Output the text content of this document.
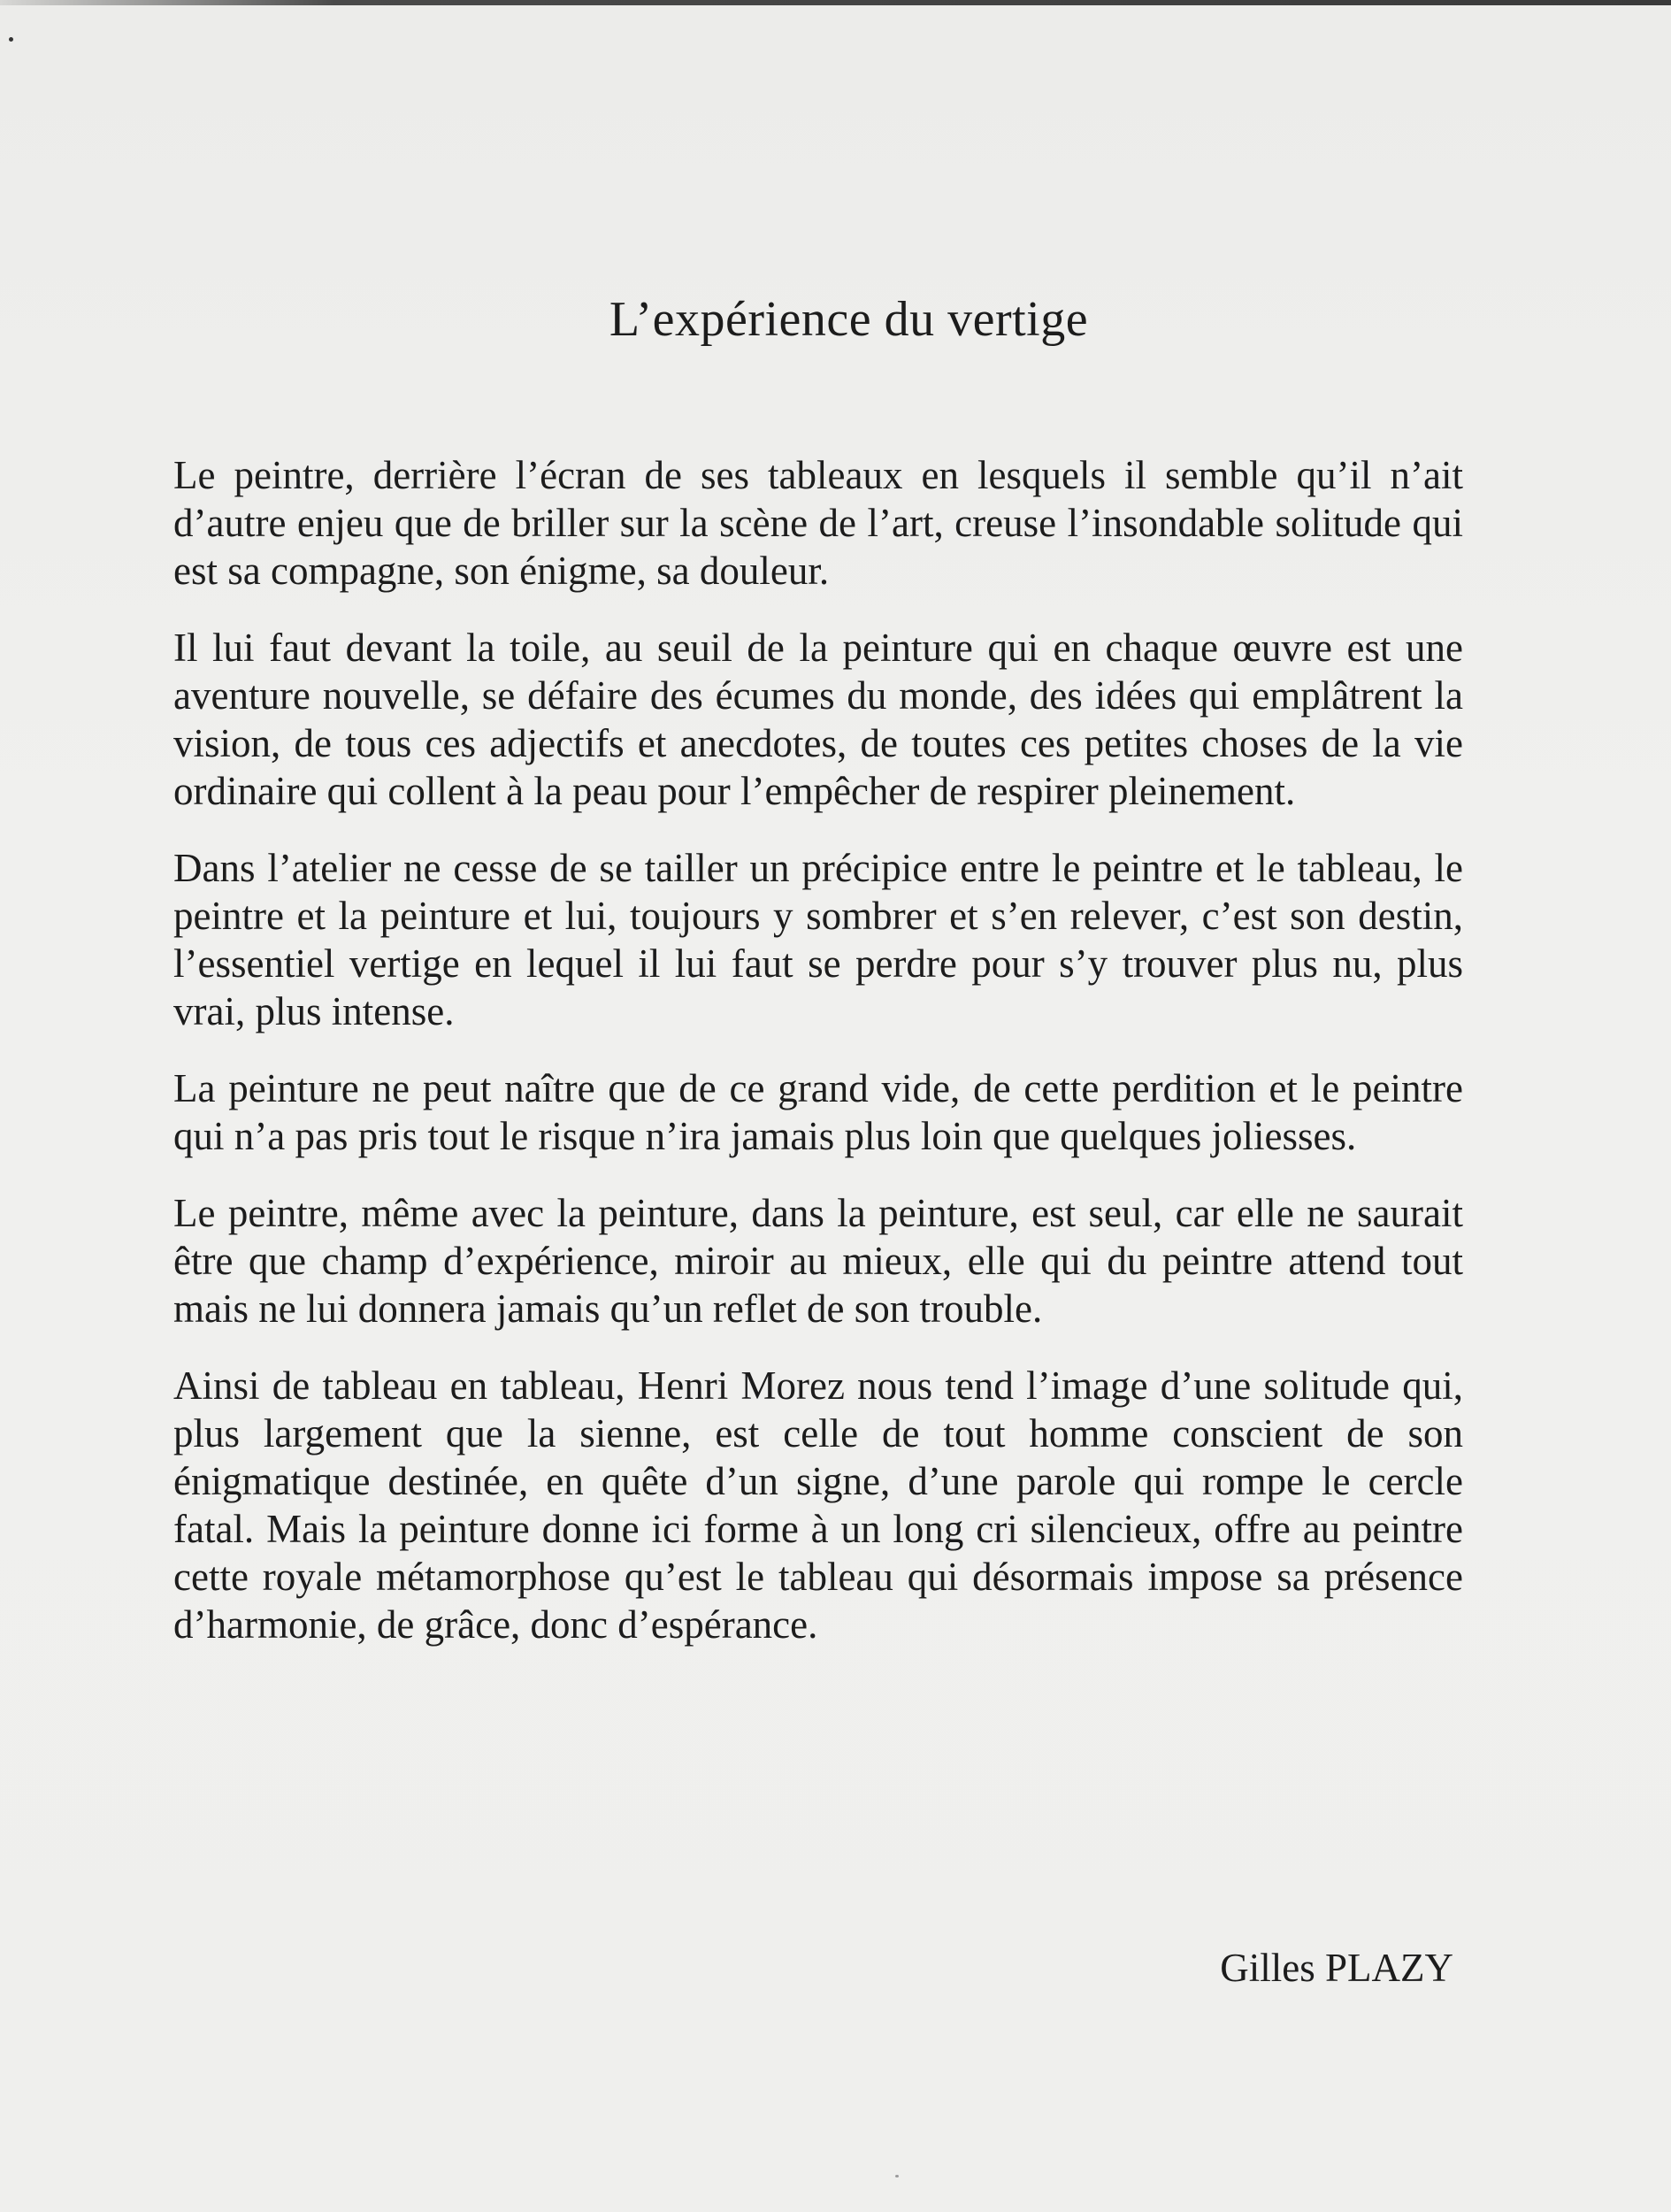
L’expérience du vertige

Le peintre, derrière l’écran de ses tableaux en lesquels il semble qu’il n’ait d’autre enjeu que de briller sur la scène de l’art, creuse l’insondable solitude qui est sa compagne, son énigme, sa douleur.

Il lui faut devant la toile, au seuil de la peinture qui en chaque œuvre est une aventure nouvelle, se défaire des écumes du monde, des idées qui emplâtrent la vision, de tous ces adjectifs et anecdotes, de toutes ces petites choses de la vie ordinaire qui collent à la peau pour l’empêcher de respirer pleinement.

Dans l’atelier ne cesse de se tailler un précipice entre le peintre et le tableau, le peintre et la peinture et lui, toujours y sombrer et s’en relever, c’est son destin, l’essentiel vertige en lequel il lui faut se perdre pour s’y trouver plus nu, plus vrai, plus intense.

La peinture ne peut naître que de ce grand vide, de cette perdition et le peintre qui n’a pas pris tout le risque n’ira jamais plus loin que quelques joliesses.

Le peintre, même avec la peinture, dans la peinture, est seul, car elle ne saurait être que champ d’expérience, miroir au mieux, elle qui du peintre attend tout mais ne lui donnera jamais qu’un reflet de son trouble.

Ainsi de tableau en tableau, Henri Morez nous tend l’image d’une solitude qui, plus largement que la sienne, est celle de tout homme conscient de son énigmatique destinée, en quête d’un signe, d’une parole qui rompe le cercle fatal. Mais la peinture donne ici forme à un long cri silencieux, offre au peintre cette royale métamorphose qu’est le tableau qui désormais impose sa présence d’harmonie, de grâce, donc d’espérance.

Gilles PLAZY
